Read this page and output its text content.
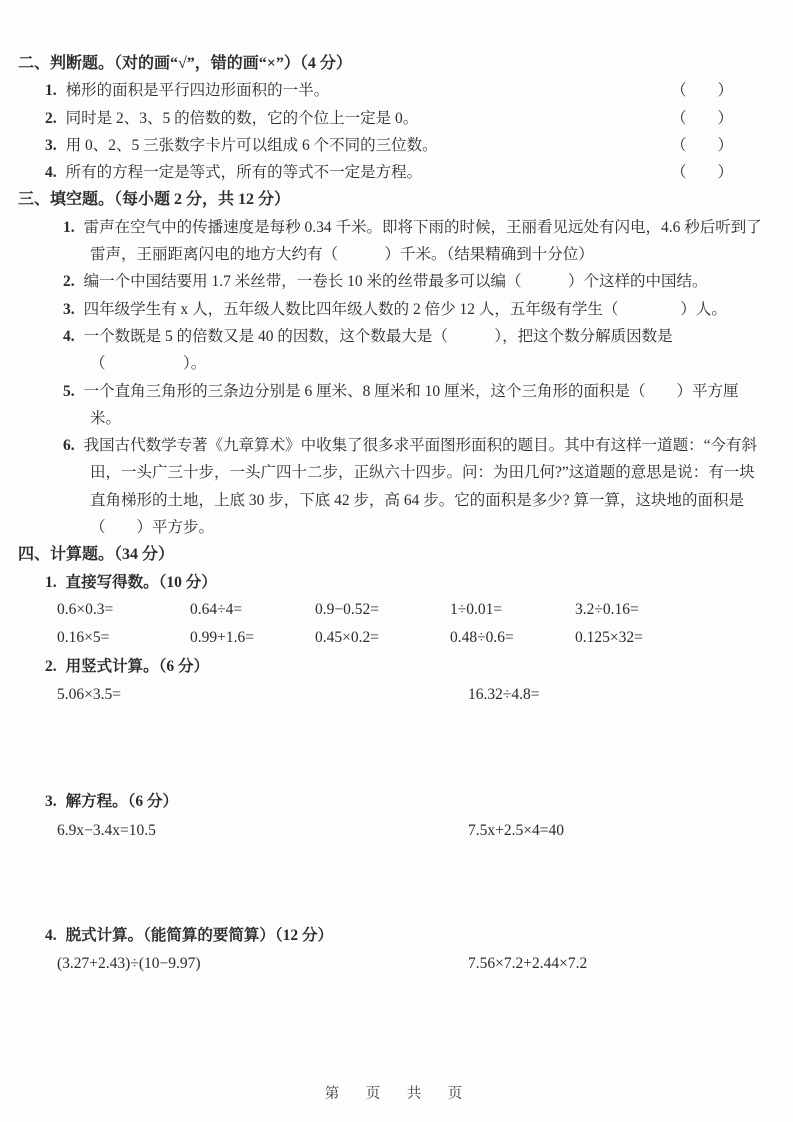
二、判断题。（对的画“√”，错的画“×”）（4 分）
1. 梯形的面积是平行四边形面积的一半。	（　　）
2. 同时是 2、3、5 的倍数的数，它的个位上一定是 0。	（　　）
3. 用 0、2、5 三张数字卡片可以组成 6 个不同的三位数。	（　　）
4. 所有的方程一定是等式，所有的等式不一定是方程。	（　　）
三、填空题。（每小题 2 分，共 12 分）

1. 雷声在空气中的传播速度是每秒 0.34 千米。即将下雨的时候，王丽看见远处有闪电，4.6 秒后听到了雷声，王丽距离闪电的地方大约有（　　　）千米。（结果精确到十分位）

2. 编一个中国结要用 1.7 米丝带，一卷长 10 米的丝带最多可以编（　　　）个这样的中国结。

3. 四年级学生有 x 人，五年级人数比四年级人数的 2 倍少 12 人，五年级有学生（　　　　）人。

4. 一个数既是 5 的倍数又是 40 的因数，这个数最大是（　　　），把这个数分解质因数是（　　　　　）。

5. 一个直角三角形的三条边分别是 6 厘米、8 厘米和 10 厘米，这个三角形的面积是（　　）平方厘米。

6. 我国古代数学专著《九章算术》中收集了很多求平面图形面积的题目。其中有这样一道题：“今有斜田，一头广三十步，一头广四十二步，正纵六十四步。问：为田几何?”这道题的意思是说：有一块直角梯形的土地，上底 30 步，下底 42 步，高 64 步。它的面积是多少? 算一算，这块地的面积是（　　）平方步。

四、计算题。（34 分）
1. 直接写得数。（10 分）
0.6×0.3=	0.64÷4=	0.9−0.52=	1÷0.01=	3.2÷0.16=
0.16×5=	0.99+1.6=	0.45×0.2=	0.48÷0.6=	0.125×32=
2. 用竖式计算。（6 分）
5.06×3.5=	16.32÷4.8=
3. 解方程。（6 分）
6.9x−3.4x=10.5	7.5x+2.5×4=40
4. 脱式计算。（能简算的要简算）（12 分）
(3.27+2.43)÷(10−9.97)	7.56×7.2+2.44×7.2
第　页　共　页
